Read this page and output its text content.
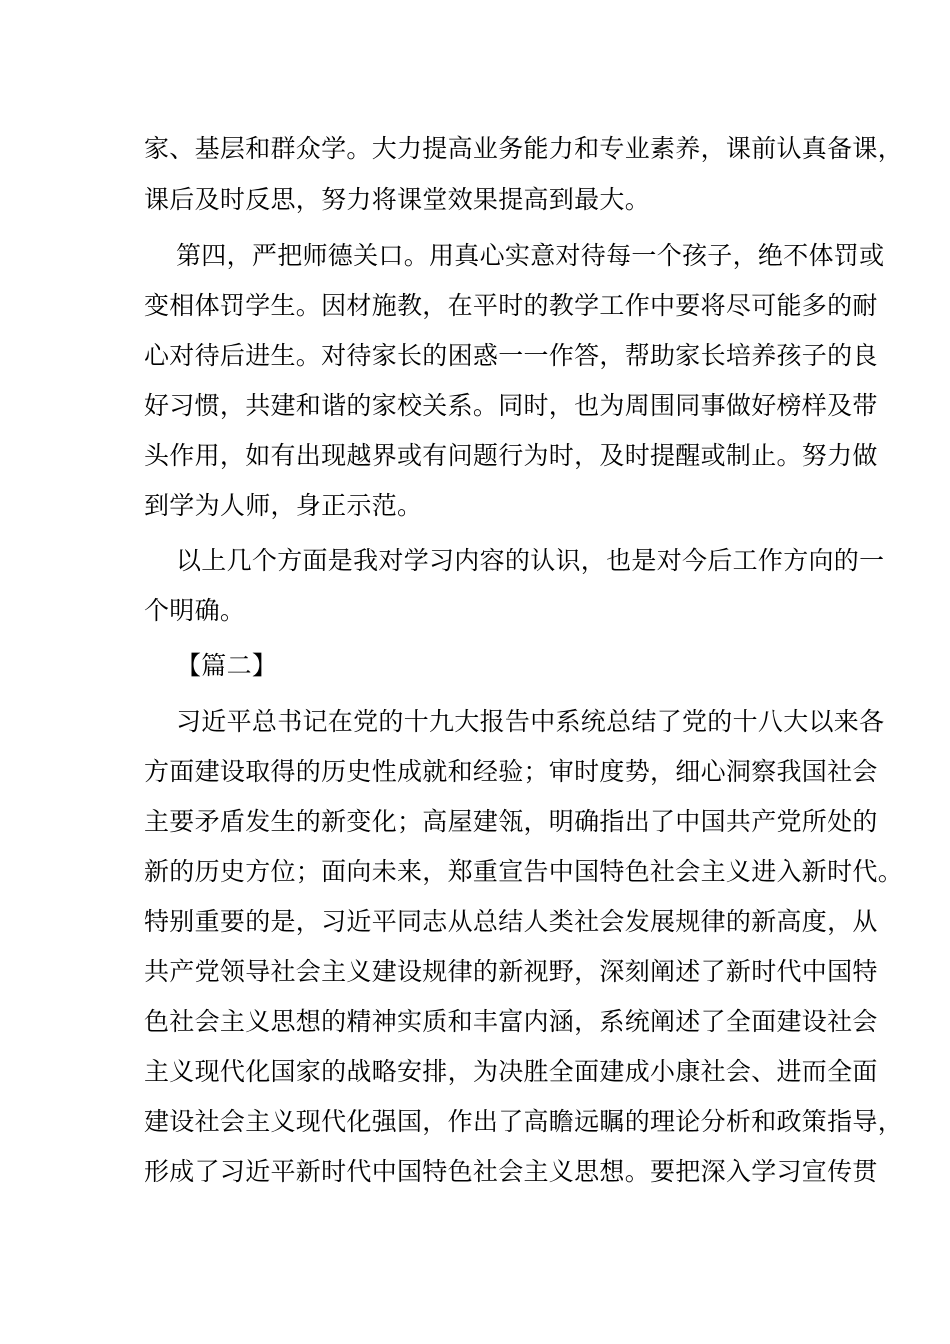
家、基层和群众学。大力提高业务能力和专业素养，课前认真备课，
课后及时反思，努力将课堂效果提高到最大。
第四，严把师德关口。用真心实意对待每一个孩子，绝不体罚或
变相体罚学生。因材施教，在平时的教学工作中要将尽可能多的耐
心对待后进生。对待家长的困惑一一作答，帮助家长培养孩子的良
好习惯，共建和谐的家校关系。同时，也为周围同事做好榜样及带
头作用，如有出现越界或有问题行为时，及时提醒或制止。努力做
到学为人师，身正示范。
以上几个方面是我对学习内容的认识，也是对今后工作方向的一
个明确。
【篇二】
习近平总书记在党的十九大报告中系统总结了党的十八大以来各
方面建设取得的历史性成就和经验；审时度势，细心洞察我国社会
主要矛盾发生的新变化；高屋建瓴，明确指出了中国共产党所处的
新的历史方位；面向未来，郑重宣告中国特色社会主义进入新时代。
特别重要的是，习近平同志从总结人类社会发展规律的新高度，从
共产党领导社会主义建设规律的新视野，深刻阐述了新时代中国特
色社会主义思想的精神实质和丰富内涵，系统阐述了全面建设社会
主义现代化国家的战略安排，为决胜全面建成小康社会、进而全面
建设社会主义现代化强国，作出了高瞻远瞩的理论分析和政策指导，
形成了习近平新时代中国特色社会主义思想。要把深入学习宣传贯
